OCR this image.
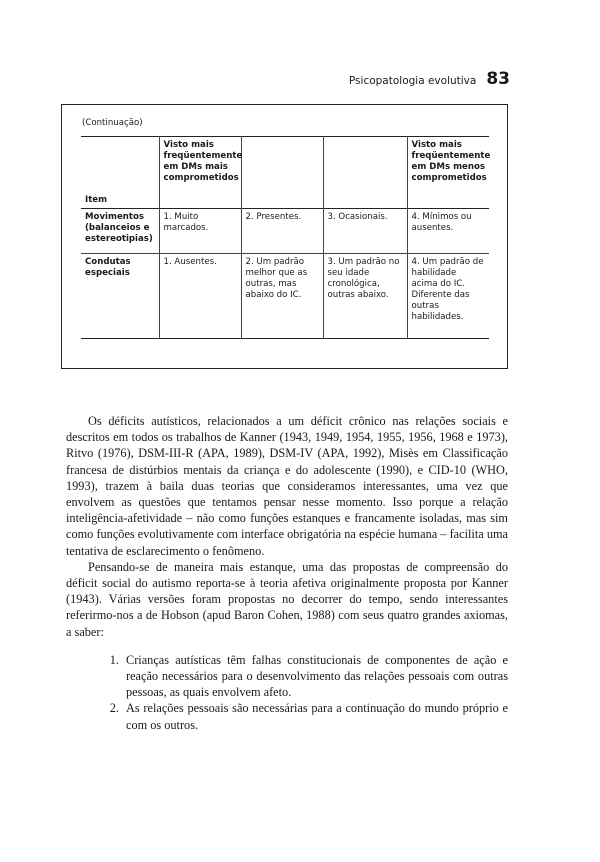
Psicopatologia evolutiva 83
(Continuação)
Item	Visto mais freqüentemente em DMs mais comprometidos			Visto mais freqüentemente em DMs menos comprometidos
Movimentos (balanceios e estereotipias)	1. Muito marcados.	2. Presentes.	3. Ocasionais.	4. Mínimos ou ausentes.
Condutas especiais	1. Ausentes.	2. Um padrão melhor que as outras, mas abaixo do IC.	3. Um padrão no seu idade cronológica, outras abaixo.	4. Um padrão de habilidade acima do IC. Diferente das outras habilidades.

Os déficits autísticos, relacionados a um déficit crônico nas relações sociais e descritos em todos os trabalhos de Kanner (1943, 1949, 1954, 1955, 1956, 1968 e 1973), Ritvo (1976), DSM-III-R (APA, 1989), DSM-IV (APA, 1992), Misès em Classificação francesa de distúrbios mentais da criança e do adolescente (1990), e CID-10 (WHO, 1993), trazem à baila duas teorias que consideramos interessantes, uma vez que envolvem as questões que tentamos pensar nesse momento. Isso porque a relação inteligência-afetividade – não como funções estanques e francamente isoladas, mas sim como funções evolutivamente com interface obrigatória na espécie humana – facilita uma tentativa de esclarecimento o fenômeno.

Pensando-se de maneira mais estanque, uma das propostas de compreensão do déficit social do autismo reporta-se à teoria afetiva originalmente proposta por Kanner (1943). Várias versões foram propostas no decorrer do tempo, sendo interessantes referirmo-nos a de Hobson (apud Baron Cohen, 1988) com seus quatro grandes axiomas, a saber:

1. Crianças autísticas têm falhas constitucionais de componentes de ação e reação necessários para o desenvolvimento das relações pessoais com outras pessoas, as quais envolvem afeto.
2. As relações pessoais são necessárias para a continuação do mundo próprio e com os outros.
